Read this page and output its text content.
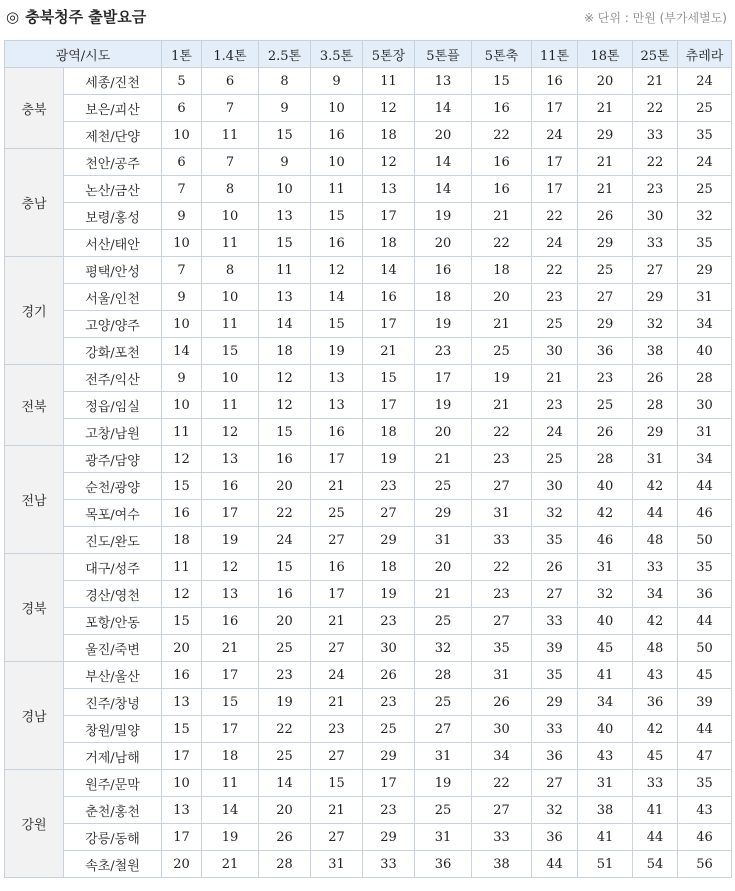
◎ 충북청주 출발요금	※ 단위 : 만원 (부가세별도)
광역/시도		1톤	1.4톤	2.5톤	3.5톤	5톤장	5톤플	5톤축	11톤	18톤	25톤	츄레라
충북	세종/진천	5	6	8	9	11	13	15	16	20	21	24
	보은/괴산	6	7	9	10	12	14	16	17	21	22	25
	제천/단양	10	11	15	16	18	20	22	24	29	33	35
충남	천안/공주	6	7	9	10	12	14	16	17	21	22	24
	논산/금산	7	8	10	11	13	14	16	17	21	23	25
	보령/홍성	9	10	13	15	17	19	21	22	26	30	32
	서산/태안	10	11	15	16	18	20	22	24	29	33	35
경기	평택/안성	7	8	11	12	14	16	18	22	25	27	29
	서울/인천	9	10	13	14	16	18	20	23	27	29	31
	고양/양주	10	11	14	15	17	19	21	25	29	32	34
	강화/포천	14	15	18	19	21	23	25	30	36	38	40
전북	전주/익산	9	10	12	13	15	17	19	21	23	26	28
	정읍/임실	10	11	12	13	17	19	21	23	25	28	30
	고창/남원	11	12	15	16	18	20	22	24	26	29	31
전남	광주/담양	12	13	16	17	19	21	23	25	28	31	34
	순천/광양	15	16	20	21	23	25	27	30	40	42	44
	목포/여수	16	17	22	25	27	29	31	32	42	44	46
	진도/완도	18	19	24	27	29	31	33	35	46	48	50
경북	대구/성주	11	12	15	16	18	20	22	26	31	33	35
	경산/영천	12	13	16	17	19	21	23	27	32	34	36
	포항/안동	15	16	20	21	23	25	27	33	40	42	44
	울진/죽변	20	21	25	27	30	32	35	39	45	48	50
경남	부산/울산	16	17	23	24	26	28	31	35	41	43	45
	진주/창녕	13	15	19	21	23	25	26	29	34	36	39
	창원/밀양	15	17	22	23	25	27	30	33	40	42	44
	거제/남해	17	18	25	27	29	31	34	36	43	45	47
강원	원주/문막	10	11	14	15	17	19	22	27	31	33	35
	춘천/홍천	13	14	20	21	23	25	27	32	38	41	43
	강릉/동해	17	19	26	27	29	31	33	36	41	44	46
	속초/철원	20	21	28	31	33	36	38	44	51	54	56
